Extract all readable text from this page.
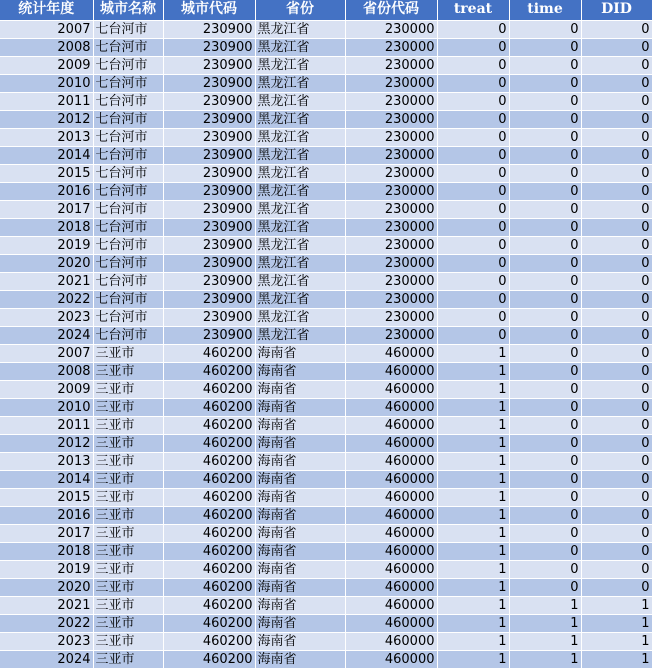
统计年度	城市名称	城市代码	省份	省份代码	treat	time	DID
2007	七台河市	230900	黑龙江省	230000	0	0	0
2008	七台河市	230900	黑龙江省	230000	0	0	0
2009	七台河市	230900	黑龙江省	230000	0	0	0
2010	七台河市	230900	黑龙江省	230000	0	0	0
2011	七台河市	230900	黑龙江省	230000	0	0	0
2012	七台河市	230900	黑龙江省	230000	0	0	0
2013	七台河市	230900	黑龙江省	230000	0	0	0
2014	七台河市	230900	黑龙江省	230000	0	0	0
2015	七台河市	230900	黑龙江省	230000	0	0	0
2016	七台河市	230900	黑龙江省	230000	0	0	0
2017	七台河市	230900	黑龙江省	230000	0	0	0
2018	七台河市	230900	黑龙江省	230000	0	0	0
2019	七台河市	230900	黑龙江省	230000	0	0	0
2020	七台河市	230900	黑龙江省	230000	0	0	0
2021	七台河市	230900	黑龙江省	230000	0	0	0
2022	七台河市	230900	黑龙江省	230000	0	0	0
2023	七台河市	230900	黑龙江省	230000	0	0	0
2024	七台河市	230900	黑龙江省	230000	0	0	0
2007	三亚市	460200	海南省	460000	1	0	0
2008	三亚市	460200	海南省	460000	1	0	0
2009	三亚市	460200	海南省	460000	1	0	0
2010	三亚市	460200	海南省	460000	1	0	0
2011	三亚市	460200	海南省	460000	1	0	0
2012	三亚市	460200	海南省	460000	1	0	0
2013	三亚市	460200	海南省	460000	1	0	0
2014	三亚市	460200	海南省	460000	1	0	0
2015	三亚市	460200	海南省	460000	1	0	0
2016	三亚市	460200	海南省	460000	1	0	0
2017	三亚市	460200	海南省	460000	1	0	0
2018	三亚市	460200	海南省	460000	1	0	0
2019	三亚市	460200	海南省	460000	1	0	0
2020	三亚市	460200	海南省	460000	1	0	0
2021	三亚市	460200	海南省	460000	1	1	1
2022	三亚市	460200	海南省	460000	1	1	1
2023	三亚市	460200	海南省	460000	1	1	1
2024	三亚市	460200	海南省	460000	1	1	1
